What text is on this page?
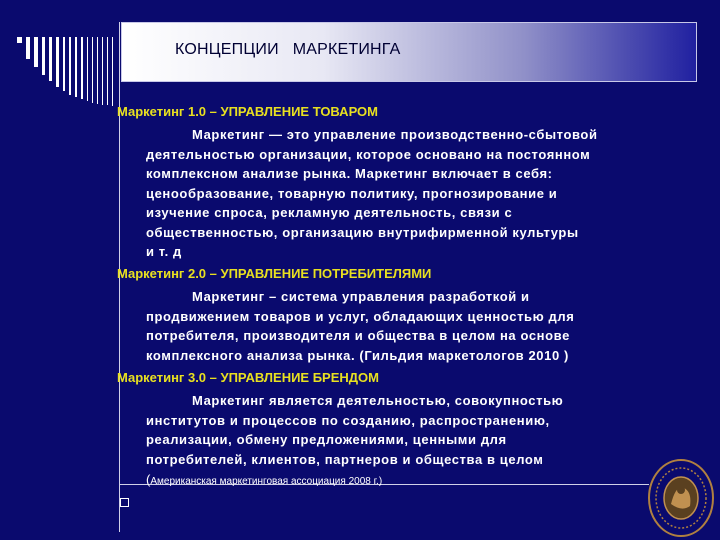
КОНЦЕПЦИИ   МАРКЕТИНГА
Маркетинг 1.0 – УПРАВЛЕНИЕ ТОВАРОМ
Маркетинг — это управление производственно-сбытовой
деятельностью организации, которое основано на постоянном
комплексном анализе рынка. Маркетинг включает в себя:
ценообразование, товарную политику, прогнозирование и
изучение спроса, рекламную деятельность, связи с
общественностью, организацию внутрифирменной культуры
и т. д
Маркетинг 2.0 – УПРАВЛЕНИЕ ПОТРЕБИТЕЛЯМИ
Маркетинг – система управления разработкой и
продвижением товаров и услуг, обладающих ценностью для
потребителя, производителя и общества в целом на основе
комплексного анализа рынка. (Гильдия маркетологов 2010 )
Маркетинг 3.0 – УПРАВЛЕНИЕ БРЕНДОМ
Маркетинг является деятельностью, совокупностью
институтов и процессов по созданию, распространению,
реализации, обмену предложениями, ценными для
потребителей, клиентов, партнеров и общества в целом
(Американская маркетинговая ассоциация 2008 г.)
